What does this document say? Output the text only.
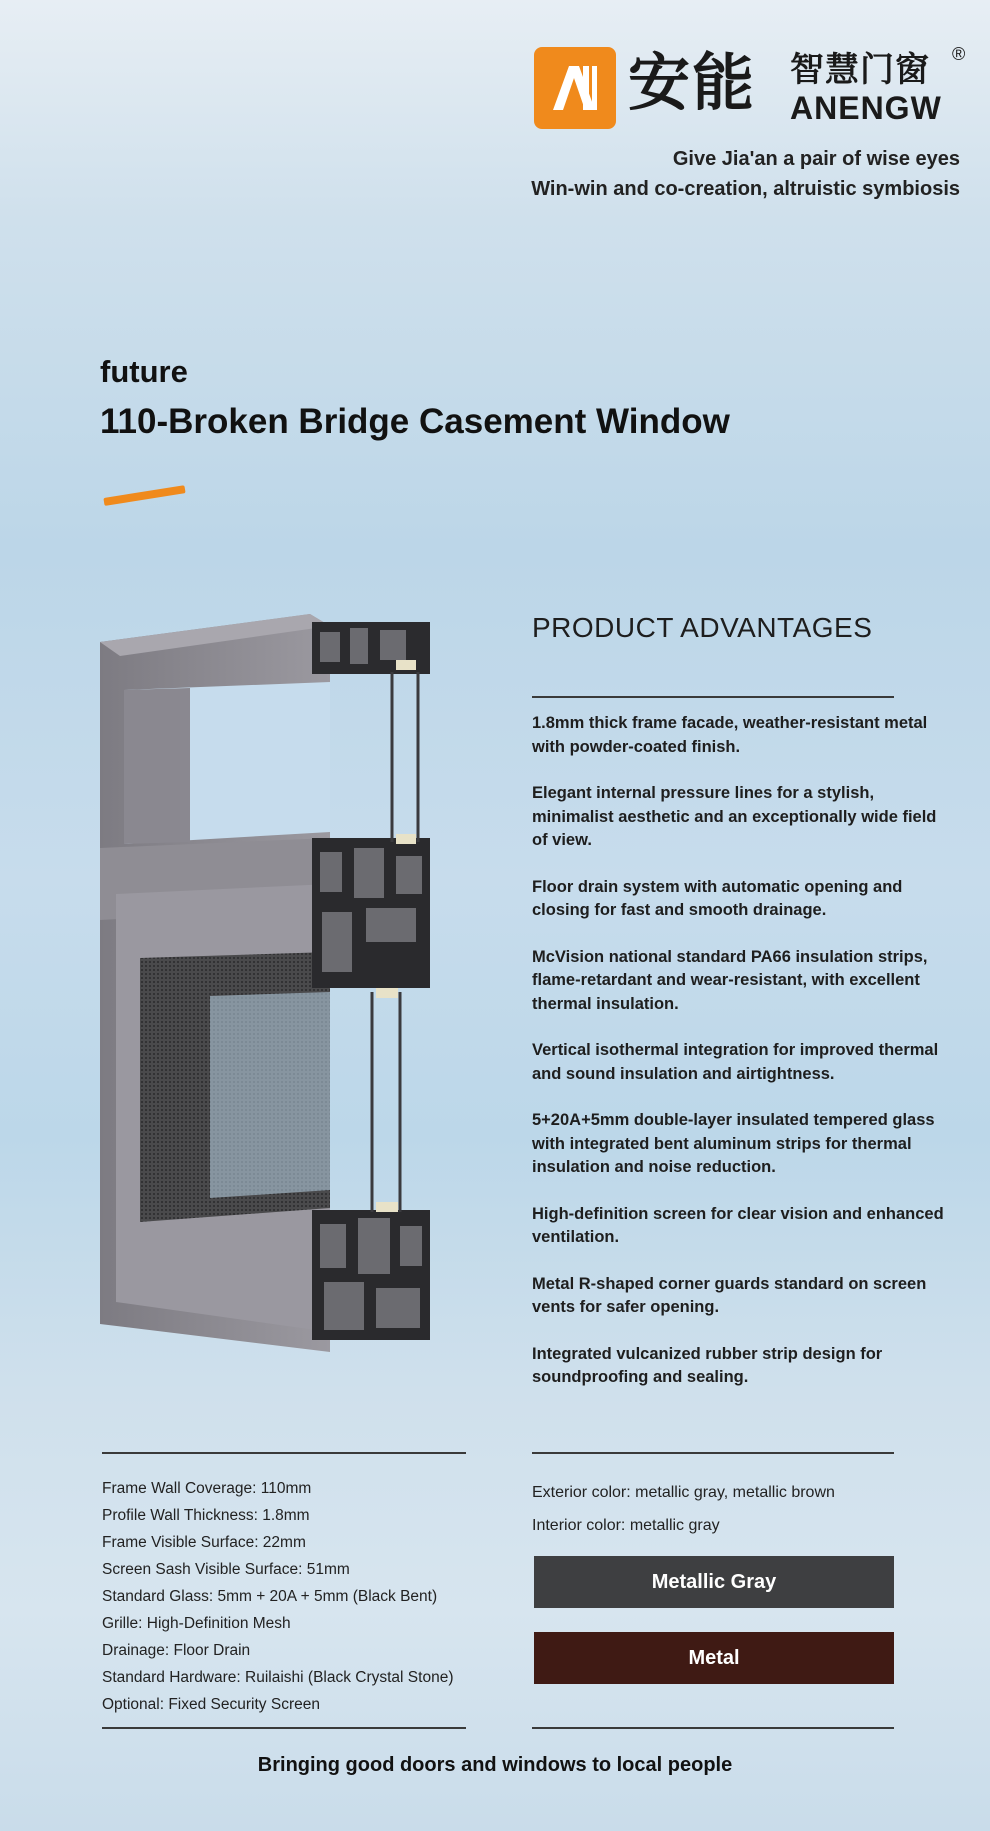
安能 智慧门窗
ANENGW
®
Give Jia'an a pair of wise eyes
Win-win and co-creation, altruistic symbiosis
future
110-Broken Bridge Casement Window
PRODUCT ADVANTAGES
1.8mm thick frame facade, weather-resistant metal with powder-coated finish.
Elegant internal pressure lines for a stylish, minimalist aesthetic and an exceptionally wide field of view.
Floor drain system with automatic opening and closing for fast and smooth drainage.
McVision national standard PA66 insulation strips, flame-retardant and wear-resistant, with excellent thermal insulation.
Vertical isothermal integration for improved thermal and sound insulation and airtightness.
5+20A+5mm double-layer insulated tempered glass with integrated bent aluminum strips for thermal insulation and noise reduction.
High-definition screen for clear vision and enhanced ventilation.
Metal R-shaped corner guards standard on screen vents for safer opening.
Integrated vulcanized rubber strip design for soundproofing and sealing.
Frame Wall Coverage: 110mm
Profile Wall Thickness: 1.8mm
Frame Visible Surface: 22mm
Screen Sash Visible Surface: 51mm
Standard Glass: 5mm + 20A + 5mm (Black Bent)
Grille: High-Definition Mesh
Drainage: Floor Drain
Standard Hardware: Ruilaishi (Black Crystal Stone)
Optional: Fixed Security Screen
Exterior color: metallic gray, metallic brown
Interior color: metallic gray
Metallic Gray
Metal
Bringing good doors and windows to local people
